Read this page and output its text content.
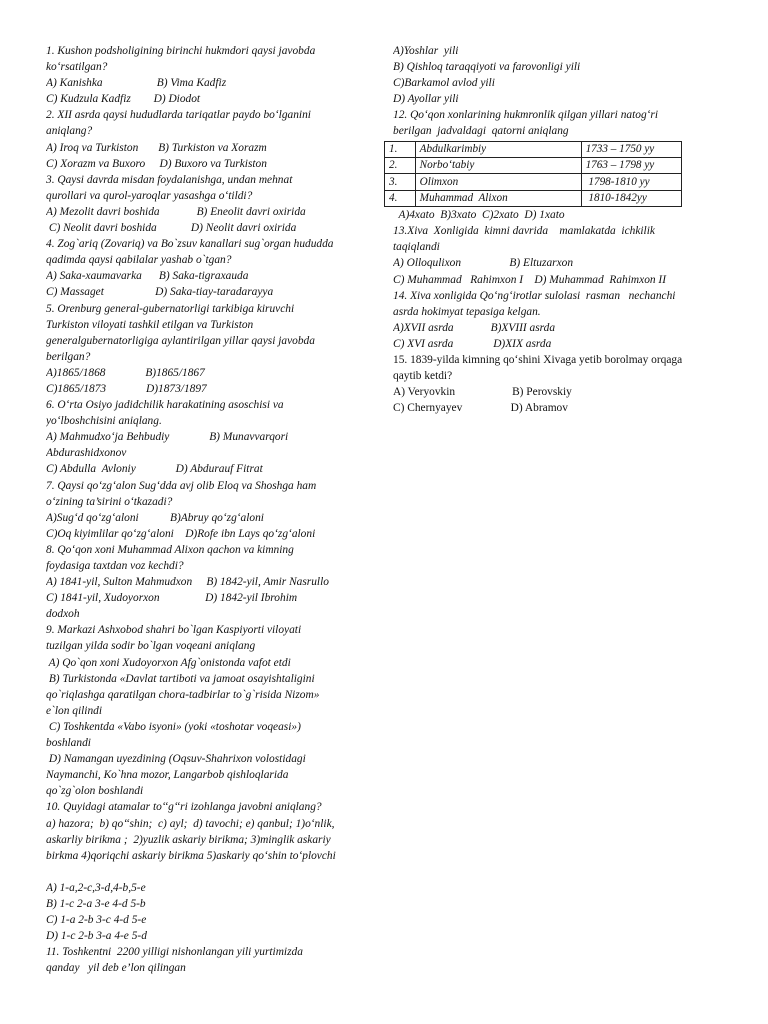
1. Kushon podsholigining birinchi hukmdori qaysi javobda
ko‘rsatilgan?
A) Kanishka                   B) Vima Kadfiz
C) Kudzula Kadfiz        D) Diodot
2. XII asrda qaysi hududlarda tariqatlar paydo bo‘lganini
aniqlang?
A) Iroq va Turkiston       B) Turkiston va Xorazm
C) Xorazm va Buxoro     D) Buxoro va Turkiston
3. Qaysi davrda misdan foydalanishga, undan mehnat
qurollari va qurol-yaroqlar yasashga o‘tildi?
A) Mezolit davri boshida             B) Eneolit davri oxirida
C) Neolit davri boshida            D) Neolit davri oxirida
4. Zog`ariq (Zovariq) va Bo`zsuv kanallari sug`organ hududda
qadimda qaysi qabilalar yashab o`tgan?
A) Saka-xaumavarka      B) Saka-tigraxauda
C) Massaget                  D) Saka-tiay-taradarayya
5. Orenburg general-gubernatorligi tarkibiga kiruvchi
Turkiston viloyati tashkil etilgan va Turkiston
generalgubernatorligiga aylantirilgan yillar qaysi javobda
berilgan?
A)1865/1868              B)1865/1867
C)1865/1873              D)1873/1897
6. O‘rta Osiyo jadidchilik harakatining asoschisi va
yo‘lboshchisini aniqlang.
A) Mahmudxo‘ja Behbudiy              B) Munavvarqori
Abdurashidxonov
C) Abdulla  Avloniy              D) Abdurauf Fitrat
7. Qaysi qo‘zg‘alon Sug‘dda avj olib Eloq va Shoshga ham
o‘zining ta’sirini o‘tkazadi?
A)Sug‘d qo‘zg‘aloni           B)Abruy qo‘zg‘aloni
C)Oq kiyimlilar qo‘zg‘aloni    D)Rofe ibn Lays qo‘zg‘aloni
8. Qo‘qon xoni Muhammad Alixon qachon va kimning
foydasiga taxtdan voz kechdi?
A) 1841-yil, Sulton Mahmudxon     B) 1842-yil, Amir Nasrullo
C) 1841-yil, Xudoyorxon                D) 1842-yil Ibrohim
dodxoh
9. Markazi Ashxobod shahri bo`lgan Kaspiyorti viloyati
tuzilgan yilda sodir bo`lgan voqeani aniqlang
A) Qo`qon xoni Xudoyorxon Afg`onistonda vafot etdi
B) Turkistonda «Davlat tartiboti va jamoat osayishtaligini
qo`riqlashga qaratilgan chora-tadbirlar to`g`risida Nizom»
e`lon qilindi
C) Toshkentda «Vabo isyoni» (yoki «toshotar voqeasi»)
boshlandi
D) Namangan uyezdining (Oqsuv-Shahrixon volostidagi
Naymanchi, Ko`hna mozor, Langarbob qishloqlarida
qo`zg`olon boshlandi
10. Quyidagi atamalar to‘‘g‘‘ri izohlanga javobni aniqlang?
a) hazora;  b) qo‘‘shin;  c) ayl;  d) tavochi; e) qanbul; 1)o‘nlik,
askarliy birikma ;  2)yuzlik askariy birikma; 3)minglik askariy
birkma 4)qoriqchi askariy birikma 5)askariy qo‘shin to‘plovchi
A) 1-a,2-c,3-d,4-b,5-e
B) 1-c 2-a 3-e 4-d 5-b
C) 1-a 2-b 3-c 4-d 5-e
D) 1-c 2-b 3-a 4-e 5-d
11. Toshkentni  2200 yilligi nishonlangan yili yurtimizda
qanday   yil deb e’lon qilingan
A)Yoshlar  yili
B) Qishloq taraqqiyoti va farovonligi yili
C)Barkamol avlod yili
D) Ayollar yili
12. Qo‘qon xonlarining hukmronlik qilgan yillari natog‘ri
berilgan  jadvaldagi  qatorni aniqlang
1.	Abdulkarimbiy	1733 – 1750 yy
2.	Norbo‘tabiy	1763 – 1798 yy
3.	Olimxon	1798-1810 yy
4.	Muhammad  Alixon	1810-1842yy
A)4xato  B)3xato  C)2xato  D) 1xato
13.Xiva  Xonligida  kimni davrida    mamlakatda  ichkilik
taqiqlandi
A) Olloqulixon                 B) Eltuzarxon
C) Muhammad   Rahimxon I    D) Muhammad  Rahimxon II
14. Xiva xonligida Qo‘ng‘irotlar sulolasi  rasman   nechanchi
asrda hokimyat tepasiga kelgan.
A)XVII asrda             B)XVIII asrda
C) XVI asrda              D)XIX asrda
15. 1839-yilda kimning qo‘shini Xivaga yetib borolmay orqaga
qaytib ketdi?
A) Veryovkin                    B) Perovskiy
C) Chernyayev                 D) Abramov
